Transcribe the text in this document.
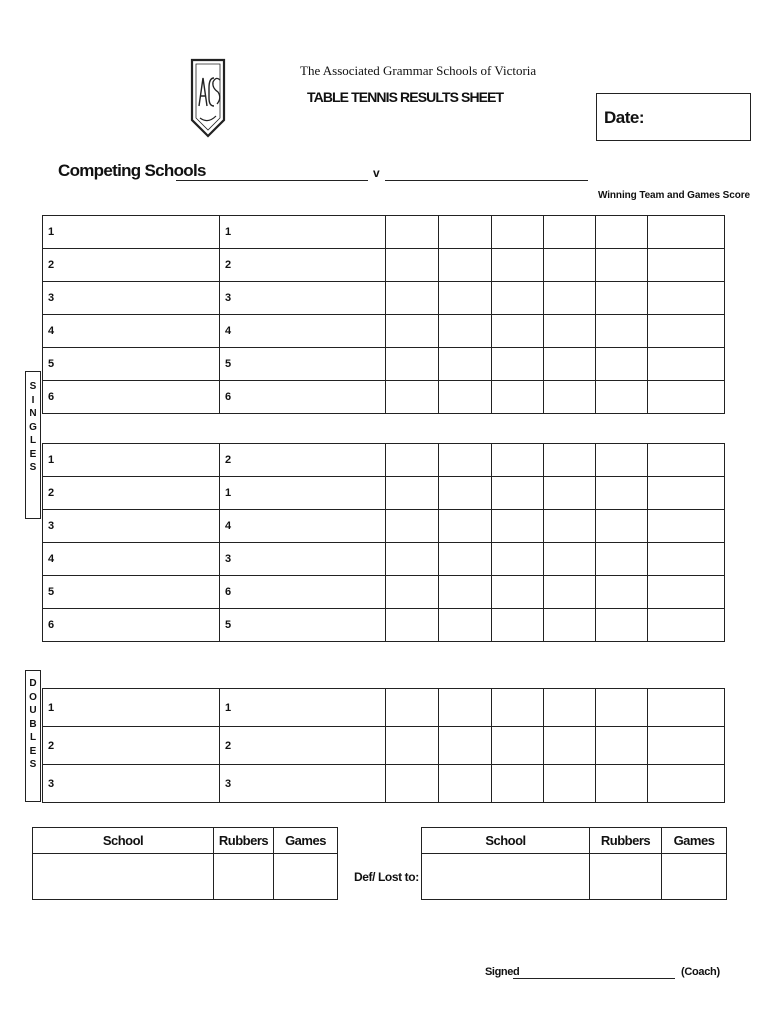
The Associated Grammar Schools of Victoria
TABLE TENNIS RESULTS SHEET
Date:
Competing Schools	v
Winning Team and Games Score
1	1						
2	2						
3	3						
4	4						
5	5						
6	6						
1	2						
2	1						
3	4						
4	3						
5	6						
6	5						
S
I
N
G
L
E
S
1	1						
2	2						
3	3						
D
O
U
B
L
E
S
School	Rubbers	Games

Def/ Lost to:
School	Rubbers	Games

Signed	(Coach)
